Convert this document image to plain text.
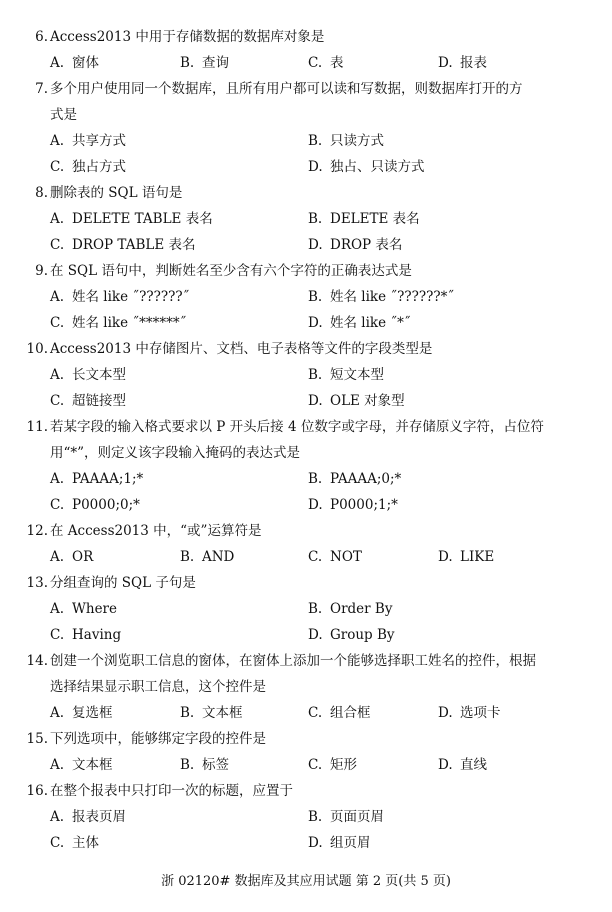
6. Access2013 中用于存储数据的数据库对象是
A. 窗体	B. 查询	C. 表	D. 报表
7. 多个用户使用同一个数据库，且所有用户都可以读和写数据，则数据库打开的方
式是
A. 共享方式	B. 只读方式
C. 独占方式	D. 独占、只读方式
8. 删除表的 SQL 语句是
A. DELETE TABLE 表名	B. DELETE 表名
C. DROP TABLE 表名	D. DROP 表名
9. 在 SQL 语句中，判断姓名至少含有六个字符的正确表达式是
A. 姓名 like ˝??????˝	B. 姓名 like ˝??????*˝
C. 姓名 like ˝******˝	D. 姓名 like ˝*˝
10. Access2013 中存储图片、文档、电子表格等文件的字段类型是
A. 长文本型	B. 短文本型
C. 超链接型	D. OLE 对象型
11. 若某字段的输入格式要求以 P 开头后接 4 位数字或字母，并存储原义字符，占位符
用“*”，则定义该字段输入掩码的表达式是
A. PAAAA;1;*	B. PAAAA;0;*
C. P0000;0;*	D. P0000;1;*
12. 在 Access2013 中，“或”运算符是
A. OR	B. AND	C. NOT	D. LIKE
13. 分组查询的 SQL 子句是
A. Where	B. Order By
C. Having	D. Group By
14. 创建一个浏览职工信息的窗体，在窗体上添加一个能够选择职工姓名的控件，根据
选择结果显示职工信息，这个控件是
A. 复选框	B. 文本框	C. 组合框	D. 选项卡
15. 下列选项中，能够绑定字段的控件是
A. 文本框	B. 标签	C. 矩形	D. 直线
16. 在整个报表中只打印一次的标题，应置于
A. 报表页眉	B. 页面页眉
C. 主体	D. 组页眉
浙 02120# 数据库及其应用试题 第 2 页(共 5 页)
